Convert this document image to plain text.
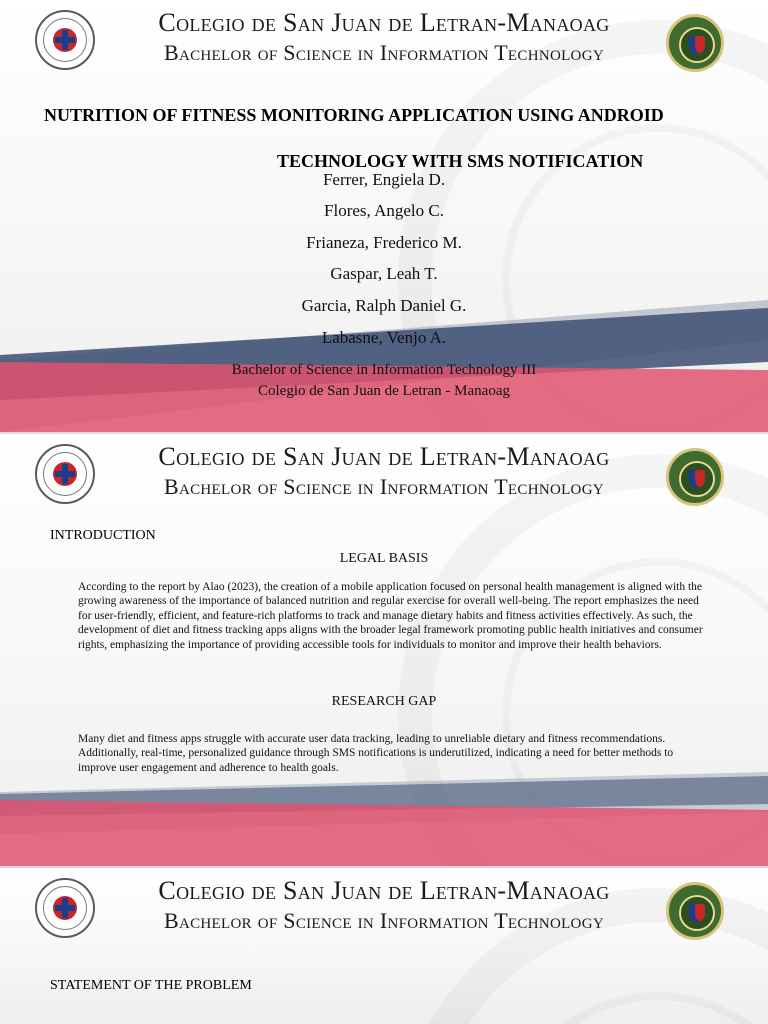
Colegio de San Juan de Letran-Manaoag
Bachelor of Science in Information Technology
NUTRITION OF FITNESS MONITORING APPLICATION USING ANDROID
TECHNOLOGY WITH SMS NOTIFICATION
Ferrer, Engiela D.
Flores, Angelo C.
Frianeza, Frederico M.
Gaspar, Leah T.
Garcia, Ralph Daniel G.
Labasne, Venjo A.
Bachelor of Science in Information Technology III
Colegio de San Juan de Letran - Manaoag
Colegio de San Juan de Letran-Manaoag
Bachelor of Science in Information Technology
INTRODUCTION
LEGAL BASIS
According to the report by Alao (2023), the creation of a mobile application focused on personal health management is aligned with the growing awareness of the importance of balanced nutrition and regular exercise for overall well-being. The report emphasizes the need for user-friendly, efficient, and feature-rich platforms to track and manage dietary habits and fitness activities effectively. As such, the development of diet and fitness tracking apps aligns with the broader legal framework promoting public health initiatives and consumer rights, emphasizing the importance of providing accessible tools for individuals to monitor and improve their health behaviors.
RESEARCH GAP
Many diet and fitness apps struggle with accurate user data tracking, leading to unreliable dietary and fitness recommendations. Additionally, real-time, personalized guidance through SMS notifications is underutilized, indicating a need for better methods to improve user engagement and adherence to health goals.
Colegio de San Juan de Letran-Manaoag
Bachelor of Science in Information Technology
STATEMENT OF THE PROBLEM
